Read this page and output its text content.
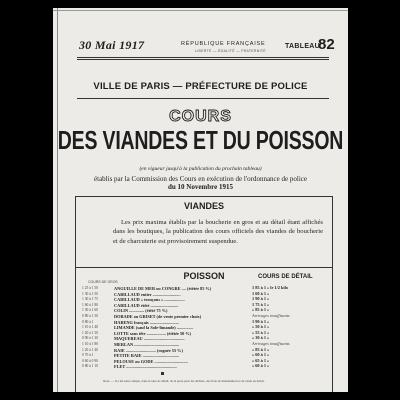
30 Mai 1917	RÉPUBLIQUE FRANÇAISE
LIBERTÉ — ÉGALITÉ — FRATERNITÉ
TABLEAU
82
VILLE DE PARIS — PRÉFECTURE DE POLICE
COURS
DES VIANDES ET DU POISSON
(en vigueur jusqu'à la publication du prochain tableau)
établis par la Commission des Cours en exécution de l'ordonnance de police
du 10 Novembre 1915
VIANDES
Les prix maxima établis par la boucherie en gros et au détail étant affichés dans les boutiques, la publication des cours officiels des viandes de boucherie et de charcuterie est provisoirement suspendue.
POISSON
COURS DE GROS
COURS DE DÉTAIL
1 25 à 1 50
1 30 à 1 50
1 30 à 1 75
1 60 à 1 80
1 30 à 1 60
0 80 à 1 50
0 80 à 1
1 10 à 1 40
1 20 à 1 50
0 90 à 1 30
1 10 à 1 80
1 20 à 1 40
0 70 à 1
0 60 à 0 90
0 80 à 1 10
ANGUILLE DE MER ou CONGRE .... (étêtée 85 %)
CABILLAUD entier ..........................
CABILLAUD « tronçons » ...................
CABILLAUD étêté ..........................
COLIN .............. (étêté 75 %)
DORADE ou GRISET (de vente premier choix)
HARENG français ...........................
LIMANDE (sauf la Sole-limande) ...............
LOTTE sans tête .................. (étêtée 50 %)
MAQUEREAU ......................................
MERLAN ..........................................
RAIE ............................ (rognée 55 %)
PETITE RAIE ..................................
PELOUSE ou GODE ...............................
FLET ...............................................
1 85 à 1 » le 1/2 kilo
1 60 à 1 »
1 90 à 1 »
1 75 à 1 »
» 85 à 1 »
Arrivages insuffisants
1 90 à 1 »
» 50 à 1 »
» 55 à 1 »
» 30 à 1 »
Arrivages insuffisants
» 85 à 1 »
» 60 à 1 »
» 65 à 1 »
» 60 à 1 »
Nota. — Il a été tenu compte, dans le taux de détail, de la perte pour les déchets, des frais de manutention et de vente en détail.
